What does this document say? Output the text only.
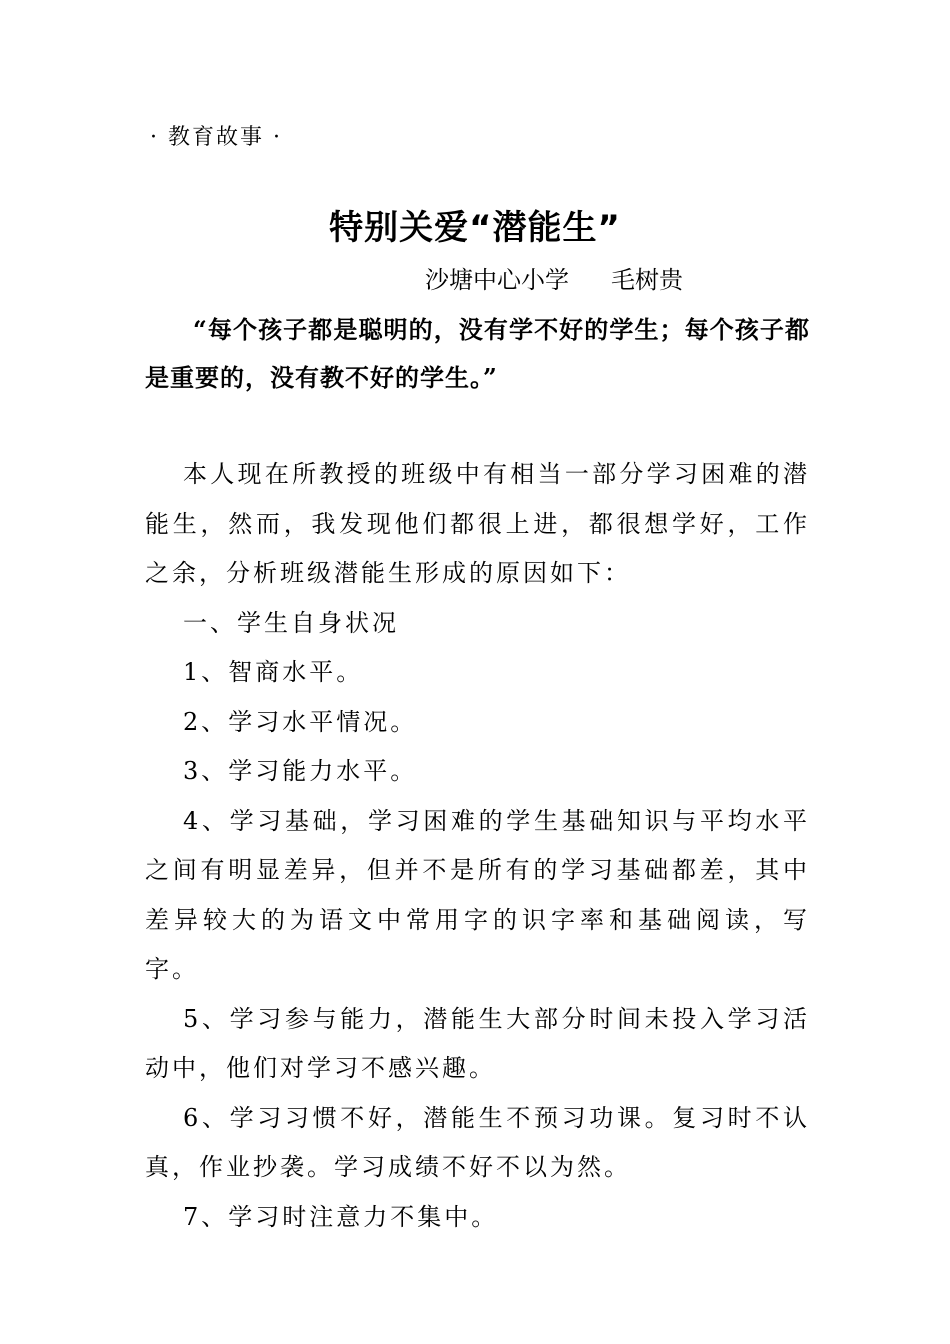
· 教育故事 ·
特别关爱“潜能生”
沙塘中心小学 毛树贵
“每个孩子都是聪明的，没有学不好的学生；每个孩子都是重要的，没有教不好的学生。”

本人现在所教授的班级中有相当一部分学习困难的潜能生，然而，我发现他们都很上进，都很想学好，工作之余，分析班级潜能生形成的原因如下：

一、学生自身状况

1、智商水平。

2、学习水平情况。

3、学习能力水平。

4、学习基础，学习困难的学生基础知识与平均水平之间有明显差异，但并不是所有的学习基础都差，其中差异较大的为语文中常用字的识字率和基础阅读，写字。

5、学习参与能力，潜能生大部分时间未投入学习活动中，他们对学习不感兴趣。

6、学习习惯不好，潜能生不预习功课。复习时不认真，作业抄袭。学习成绩不好不以为然。

7、学习时注意力不集中。
